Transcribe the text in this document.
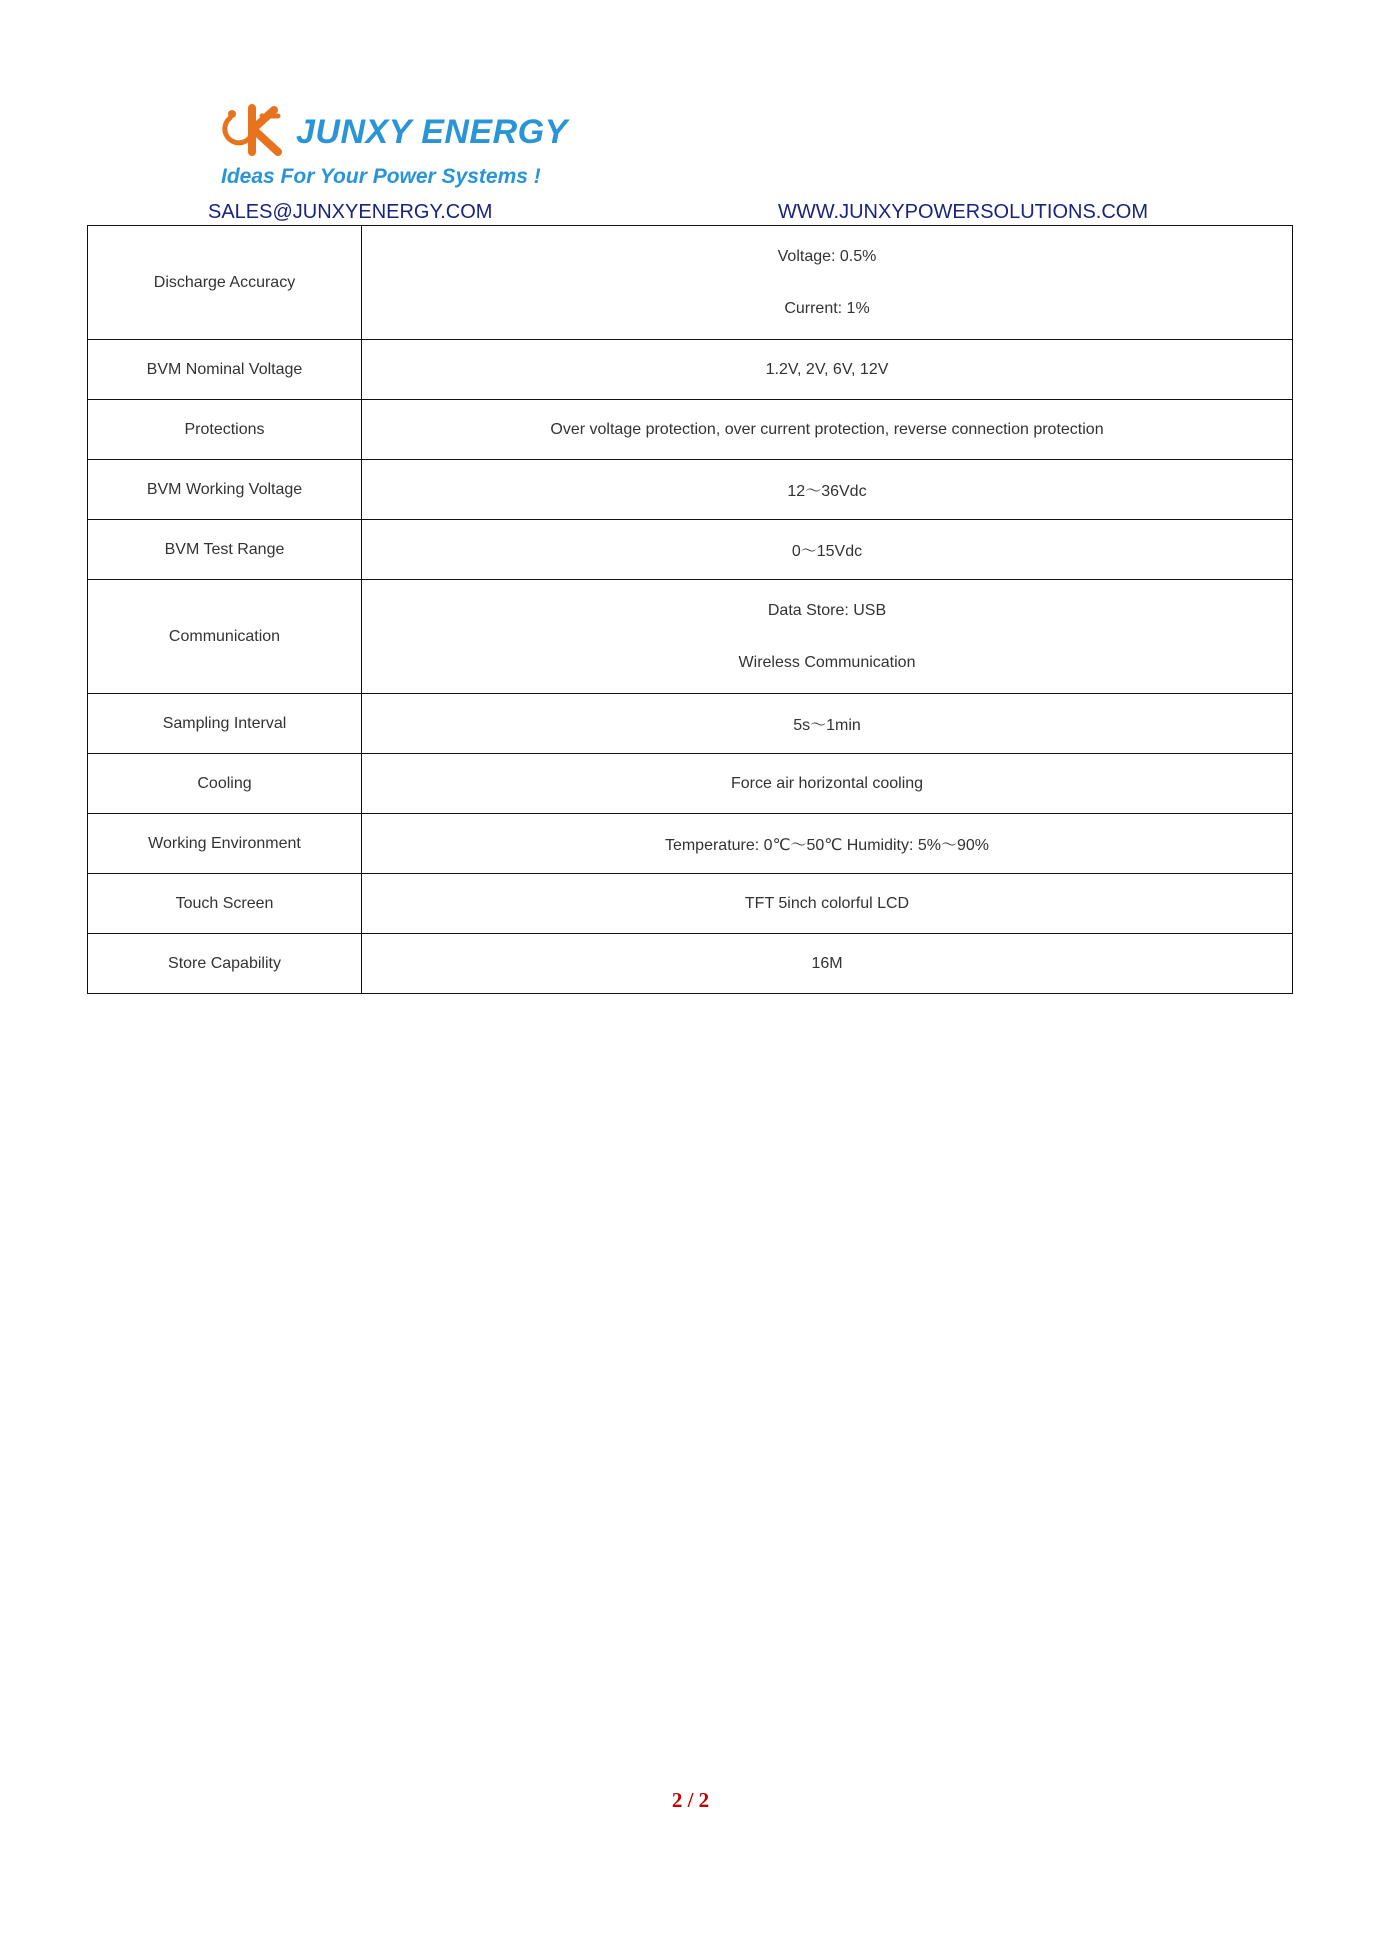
JUNXY ENERGY
Ideas For Your Power Systems !
SALES@JUNXYENERGY.COM	WWW.JUNXYPOWERSOLUTIONS.COM
Discharge Accuracy	Voltage: 0.5%
Current: 1%

BVM Nominal Voltage	1.2V, 2V, 6V, 12V

Protections	Over voltage protection, over current protection, reverse connection protection

BVM Working Voltage	12～36Vdc

BVM Test Range	0～15Vdc

Communication	Data Store: USB
Wireless Communication

Sampling Interval	5s～1min

Cooling	Force air horizontal cooling

Working Environment	Temperature: 0℃～50℃ Humidity: 5%～90%

Touch Screen	TFT 5inch colorful LCD

Store Capability	16M
2 / 2
